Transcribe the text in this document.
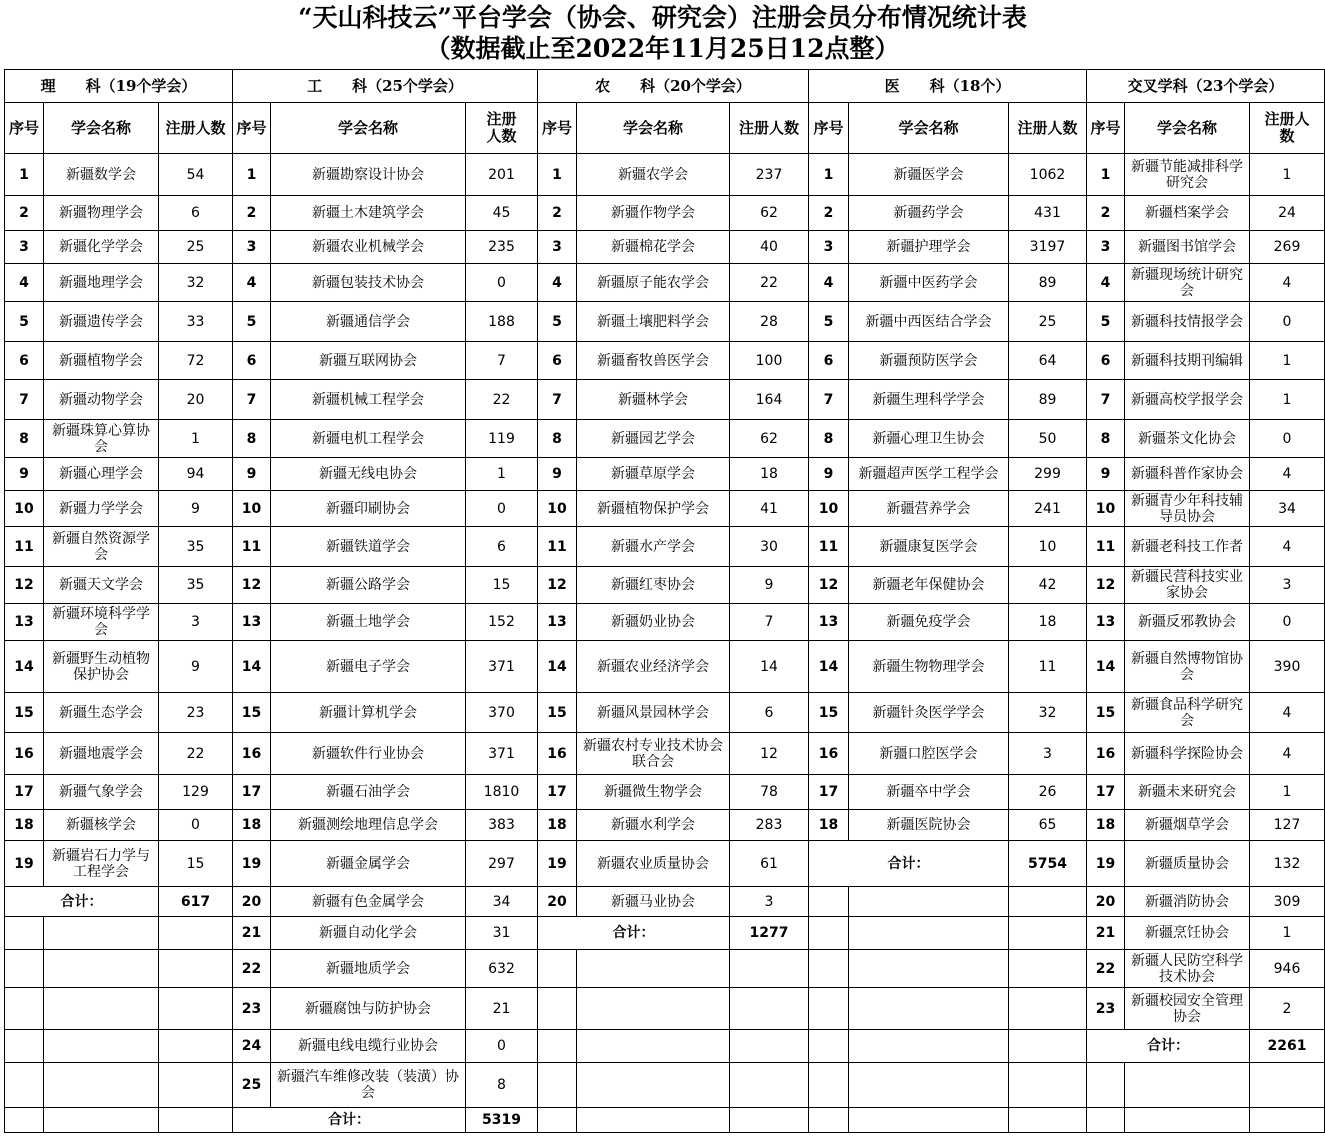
“天山科技云”平台学会（协会、研究会）注册会员分布情况统计表
（数据截止至2022年11月25日12点整）
理　　科（19个学会）			工　　科（25个学会）			农　　科（20个学会）			医　　科（18个）			交叉学科（23个学会）		
序号	学会名称	注册人数	序号	学会名称	注册人数	序号	学会名称	注册人数	序号	学会名称	注册人数	序号	学会名称	注册人数
1	新疆数学会	54	1	新疆勘察设计协会	201	1	新疆农学会	237	1	新疆医学会	1062	1	新疆节能减排科学研究会	1
2	新疆物理学会	6	2	新疆土木建筑学会	45	2	新疆作物学会	62	2	新疆药学会	431	2	新疆档案学会	24
3	新疆化学学会	25	3	新疆农业机械学会	235	3	新疆棉花学会	40	3	新疆护理学会	3197	3	新疆图书馆学会	269
4	新疆地理学会	32	4	新疆包装技术协会	0	4	新疆原子能农学会	22	4	新疆中医药学会	89	4	新疆现场统计研究会	4
5	新疆遗传学会	33	5	新疆通信学会	188	5	新疆土壤肥料学会	28	5	新疆中西医结合学会	25	5	新疆科技情报学会	0
6	新疆植物学会	72	6	新疆互联网协会	7	6	新疆畜牧兽医学会	100	6	新疆预防医学会	64	6	新疆科技期刊编辑	1
7	新疆动物学会	20	7	新疆机械工程学会	22	7	新疆林学会	164	7	新疆生理科学学会	89	7	新疆高校学报学会	1
8	新疆珠算心算协会	1	8	新疆电机工程学会	119	8	新疆园艺学会	62	8	新疆心理卫生协会	50	8	新疆茶文化协会	0
9	新疆心理学会	94	9	新疆无线电协会	1	9	新疆草原学会	18	9	新疆超声医学工程学会	299	9	新疆科普作家协会	4
10	新疆力学学会	9	10	新疆印刷协会	0	10	新疆植物保护学会	41	10	新疆营养学会	241	10	新疆青少年科技辅导员协会	34
11	新疆自然资源学会	35	11	新疆铁道学会	6	11	新疆水产学会	30	11	新疆康复医学会	10	11	新疆老科技工作者	4
12	新疆天文学会	35	12	新疆公路学会	15	12	新疆红枣协会	9	12	新疆老年保健协会	42	12	新疆民营科技实业家协会	3
13	新疆环境科学学会	3	13	新疆土地学会	152	13	新疆奶业协会	7	13	新疆免疫学会	18	13	新疆反邪教协会	0
14	新疆野生动植物保护协会	9	14	新疆电子学会	371	14	新疆农业经济学会	14	14	新疆生物物理学会	11	14	新疆自然博物馆协会	390
15	新疆生态学会	23	15	新疆计算机学会	370	15	新疆风景园林学会	6	15	新疆针灸医学学会	32	15	新疆食品科学研究会	4
16	新疆地震学会	22	16	新疆软件行业协会	371	16	新疆农村专业技术协会联合会	12	16	新疆口腔医学会	3	16	新疆科学探险协会	4
17	新疆气象学会	129	17	新疆石油学会	1810	17	新疆微生物学会	78	17	新疆卒中学会	26	17	新疆未来研究会	1
18	新疆核学会	0	18	新疆测绘地理信息学会	383	18	新疆水利学会	283	18	新疆医院协会	65	18	新疆烟草学会	127
19	新疆岩石力学与工程学会	15	19	新疆金属学会	297	19	新疆农业质量协会	61	合计：		5754	19	新疆质量协会	132
合计：		617	20	新疆有色金属学会	34	20	新疆马业协会	3				20	新疆消防协会	309
			21	新疆自动化学会	31	合计：		1277				21	新疆烹饪协会	1
			22	新疆地质学会	632							22	新疆人民防空科学技术协会	946
			23	新疆腐蚀与防护协会	21							23	新疆校园安全管理协会	2
			24	新疆电线电缆行业协会	0							合计：		2261
			25	新疆汽车维修改装（装潢）协会	8									
			合计：		5319									
